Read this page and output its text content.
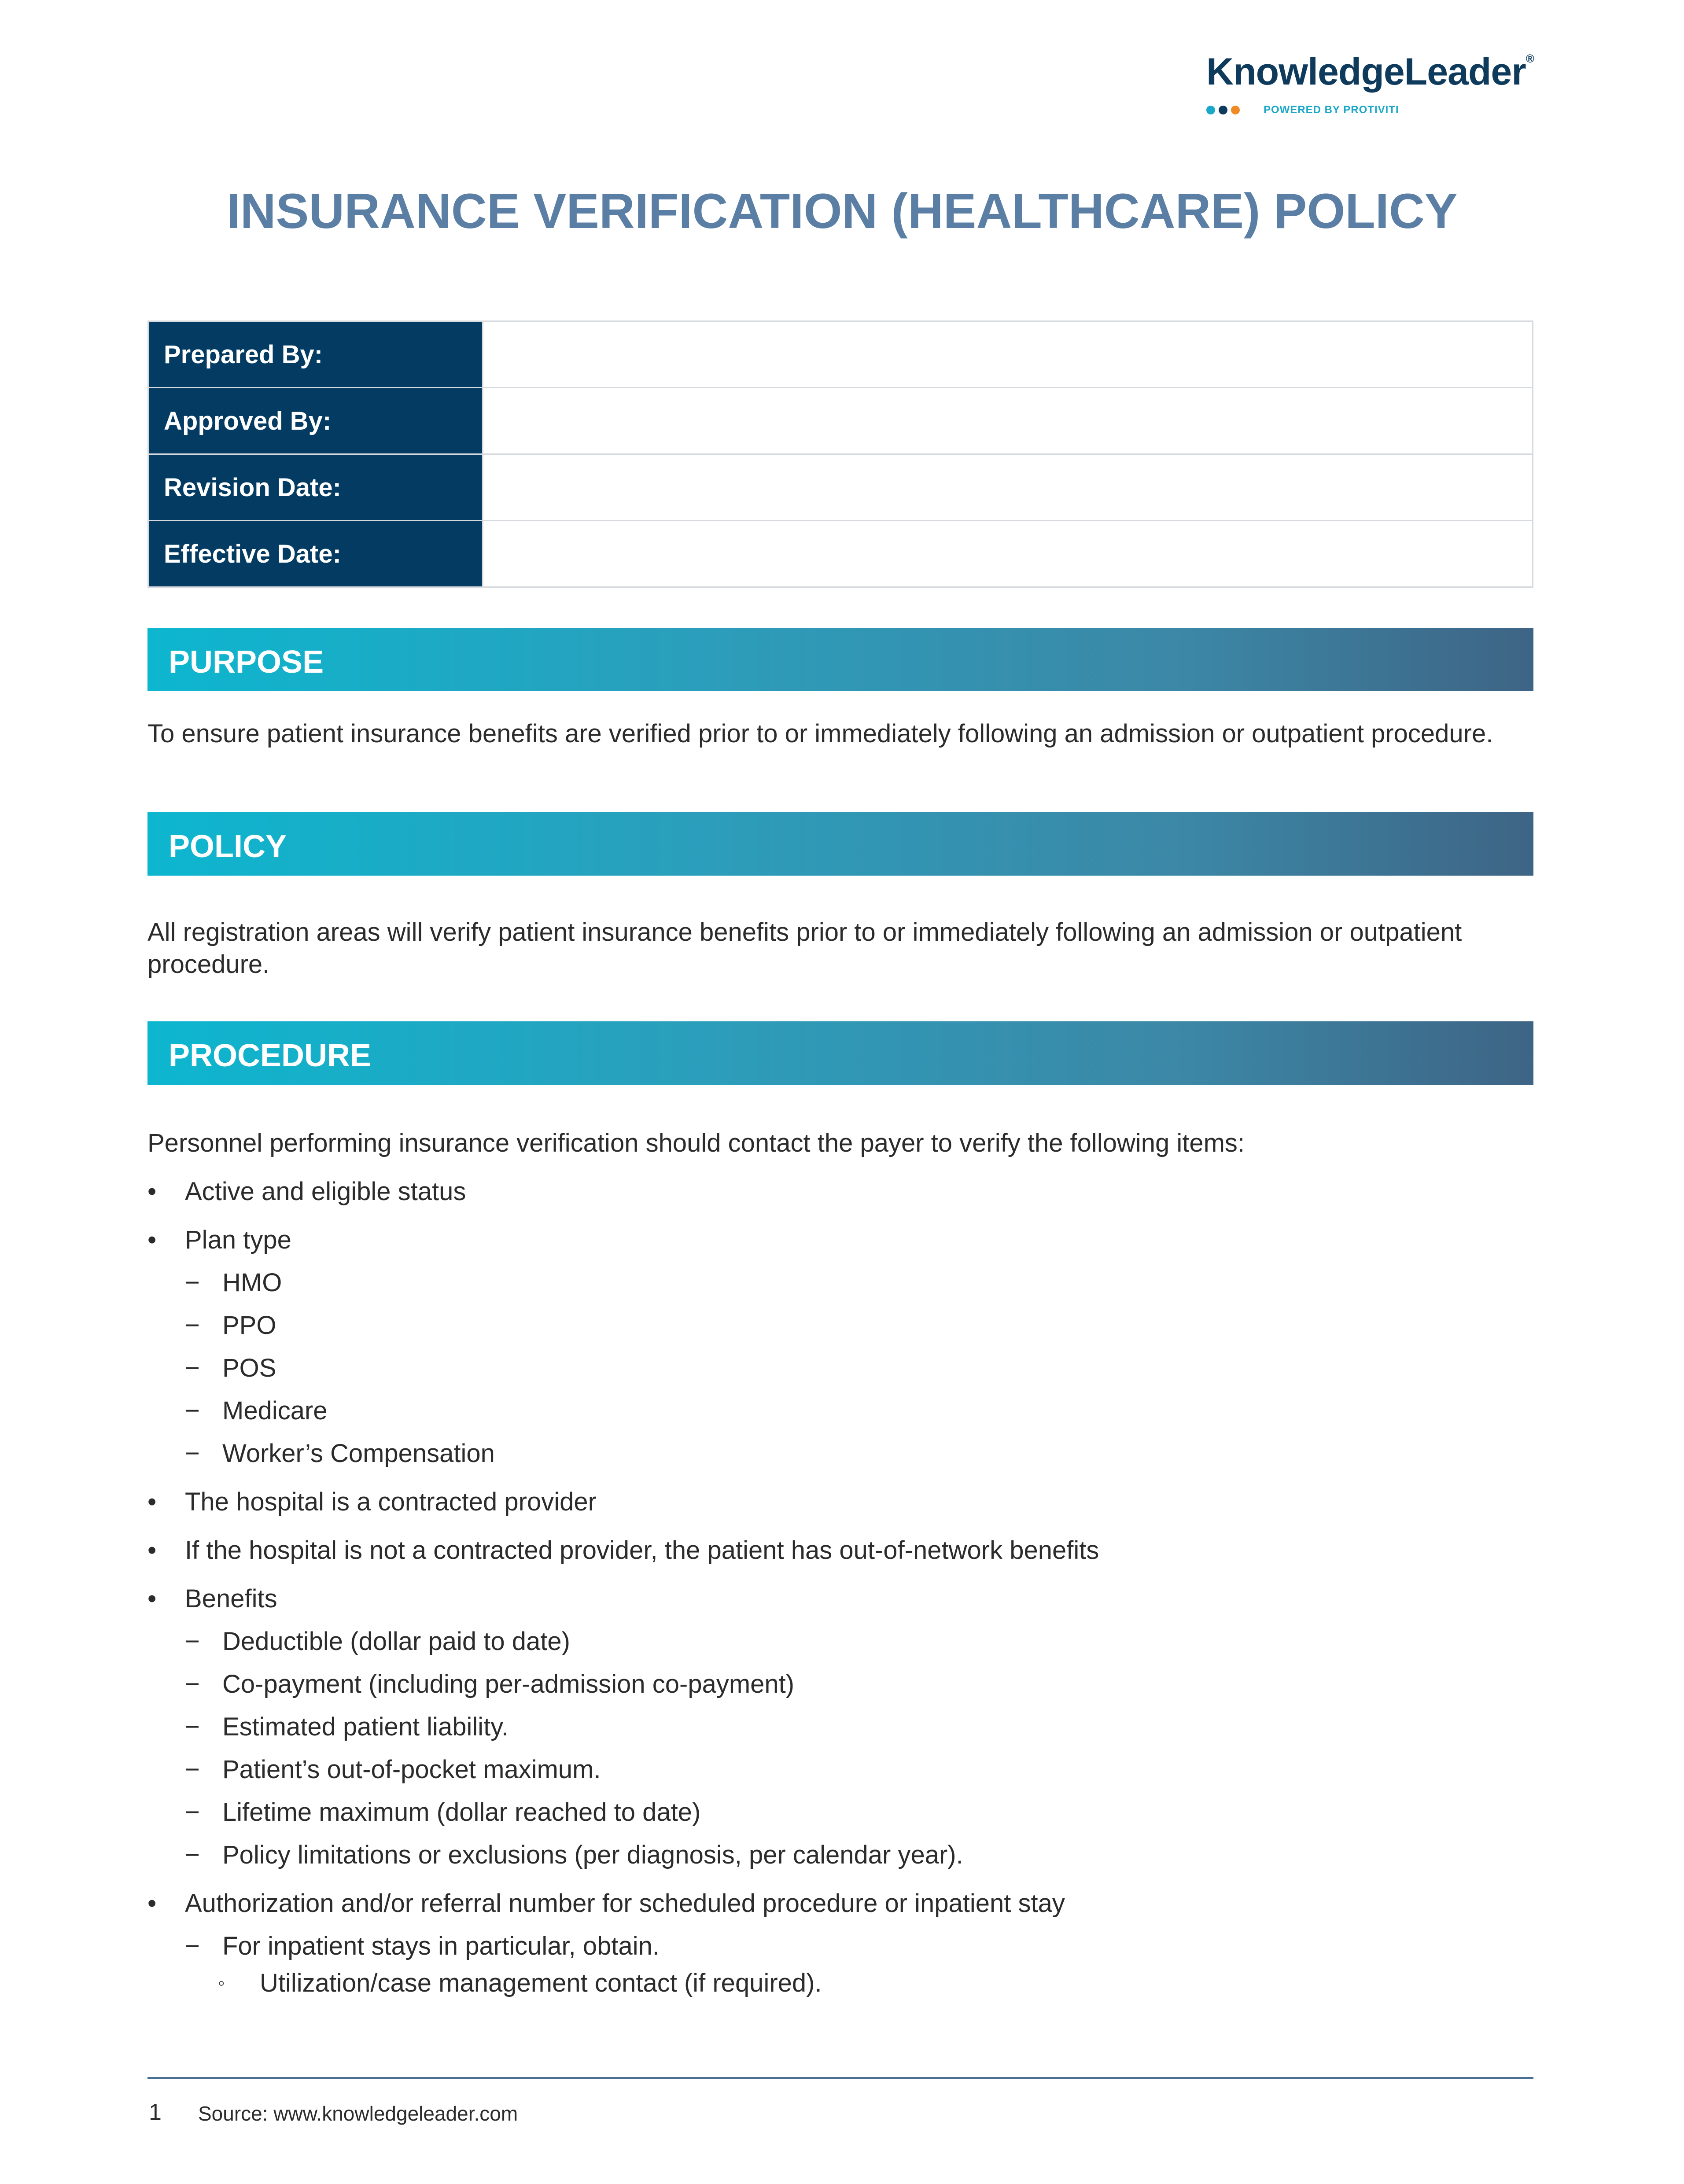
KnowledgeLeader®
POWERED BY PROTIVITI
INSURANCE VERIFICATION (HEALTHCARE) POLICY
Prepared By:	
Approved By:	
Revision Date:	
Effective Date:	
PURPOSE
To ensure patient insurance benefits are verified prior to or immediately following an admission or outpatient procedure.
POLICY
All registration areas will verify patient insurance benefits prior to or immediately following an admission or outpatient procedure.
PROCEDURE
Personnel performing insurance verification should contact the payer to verify the following items:
•	Active and eligible status
•	Plan type
− HMO
− PPO
− POS
− Medicare
− Worker’s Compensation
•	The hospital is a contracted provider
•	If the hospital is not a contracted provider, the patient has out-of-network benefits
•	Benefits
− Deductible (dollar paid to date)
− Co-payment (including per-admission co-payment)
− Estimated patient liability.
− Patient’s out-of-pocket maximum.
− Lifetime maximum (dollar reached to date)
− Policy limitations or exclusions (per diagnosis, per calendar year).
•	Authorization and/or referral number for scheduled procedure or inpatient stay
− For inpatient stays in particular, obtain.
◦	Utilization/case management contact (if required).
1 Source: www.knowledgeleader.com
